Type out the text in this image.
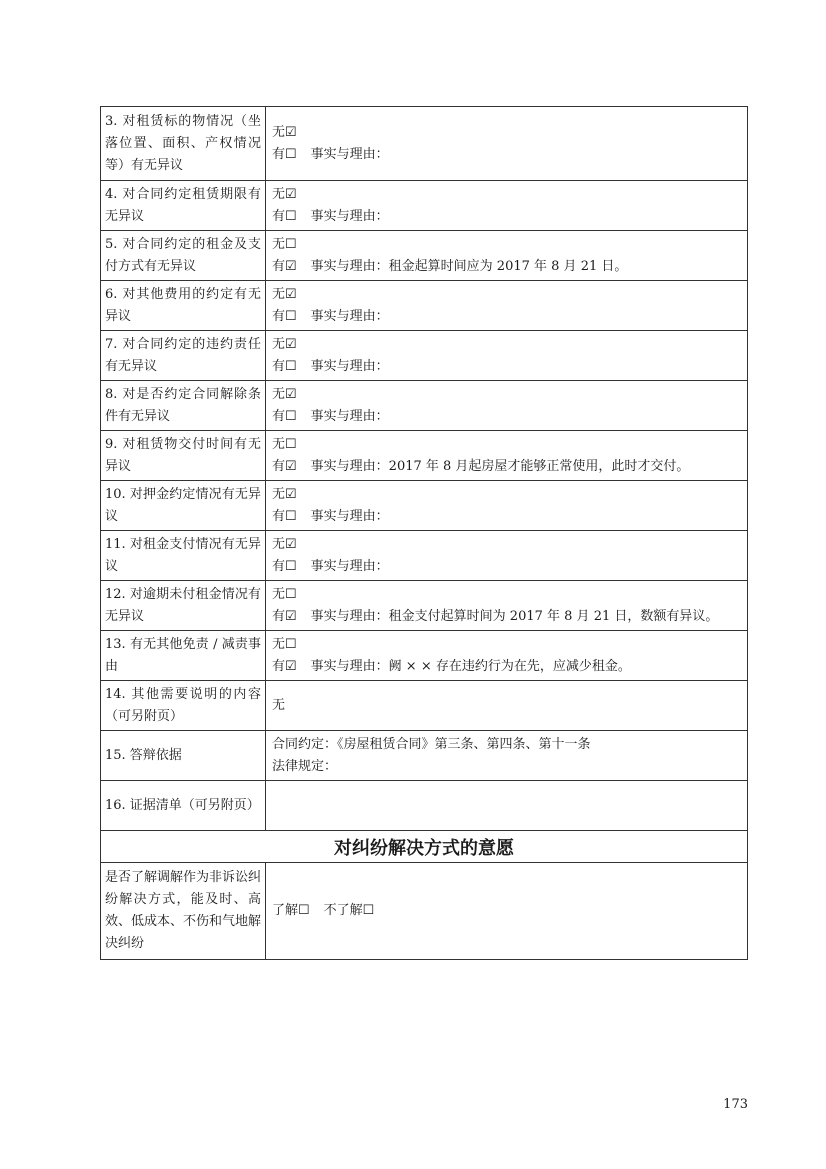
3. 对租赁标的物情况（坐落位置、面积、产权情况等）有无异议	无☑
有☐ 事实与理由：

4. 对合同约定租赁期限有无异议	无☑
有☐ 事实与理由：

5. 对合同约定的租金及支付方式有无异议	无☐
有☑ 事实与理由：租金起算时间应为 2017 年 8 月 21 日。

6. 对其他费用的约定有无异议	无☑
有☐ 事实与理由：

7. 对合同约定的违约责任有无异议	无☑
有☐ 事实与理由：

8. 对是否约定合同解除条件有无异议	无☑
有☐ 事实与理由：

9. 对租赁物交付时间有无异议	无☐
有☑ 事实与理由：2017 年 8 月起房屋才能够正常使用，此时才交付。

10. 对押金约定情况有无异议	无☑
有☐ 事实与理由：

11. 对租金支付情况有无异议	无☑
有☐ 事实与理由：

12. 对逾期未付租金情况有无异议	无☐
有☑ 事实与理由：租金支付起算时间为 2017 年 8 月 21 日，数额有异议。

13. 有无其他免责 / 减责事由	无☐
有☑ 事实与理由：阙 × × 存在违约行为在先，应减少租金。

14. 其他需要说明的内容（可另附页）	无
15. 答辩依据	合同约定：《房屋租赁合同》第三条、第四条、第十一条
法律规定：

16. 证据清单（可另附页）	
对纠纷解决方式的意愿	
是否了解调解作为非诉讼纠纷解决方式，能及时、高效、低成本、不伤和气地解决纠纷	了解☐ 不了解☐
173
